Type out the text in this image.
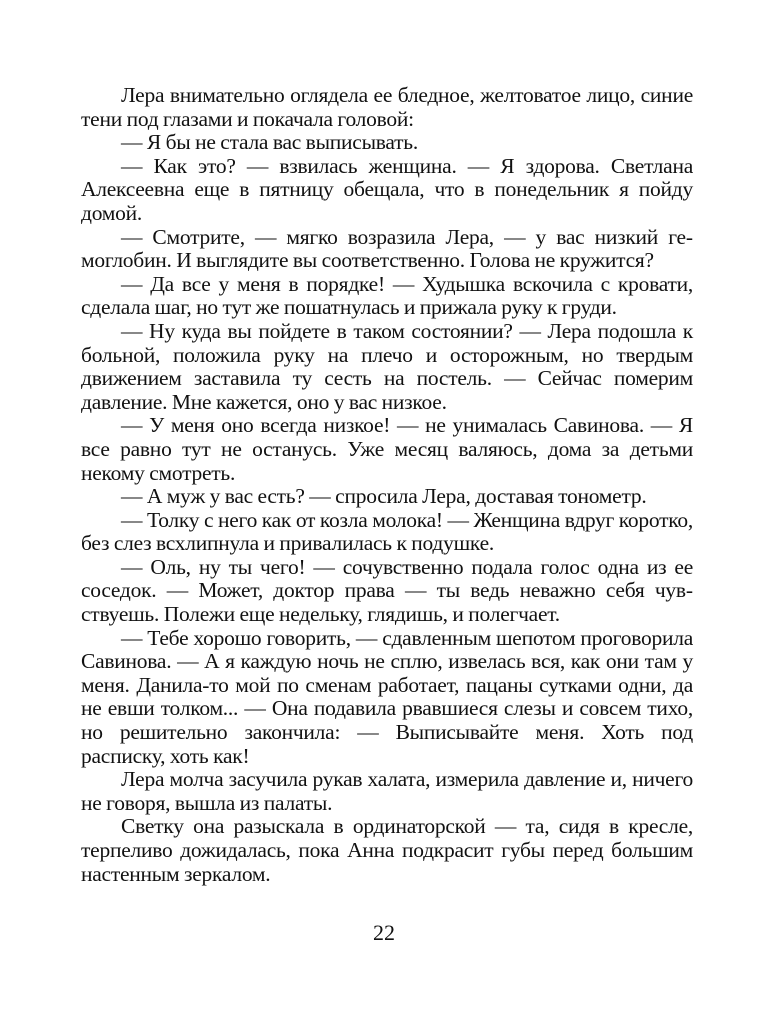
Лера внимательно оглядела ее бледное, желтоватое лицо, синие тени под глазами и покачала головой:

— Я бы не стала вас выписывать.

— Как это? — взвилась женщина. — Я здорова. Светлана Алексеевна еще в пятницу обещала, что в понедельник я пойду домой.

— Смотрите, — мягко возразила Лера, — у вас низкий гемоглобин. И выглядите вы соответственно. Голова не кружится?

— Да все у меня в порядке! — Худышка вскочила с кровати, сделала шаг, но тут же пошатнулась и прижала руку к груди.

— Ну куда вы пойдете в таком состоянии? — Лера подошла к больной, положила руку на плечо и осторожным, но твердым движением заставила ту сесть на постель. — Сейчас померим давление. Мне кажется, оно у вас низкое.

— У меня оно всегда низкое! — не унималась Савинова. — Я все равно тут не останусь. Уже месяц валяюсь, дома за детьми некому смотреть.

— А муж у вас есть? — спросила Лера, доставая тонометр.

— Толку с него как от козла молока! — Женщина вдруг коротко, без слез всхлипнула и привалилась к подушке.

— Оль, ну ты чего! — сочувственно подала голос одна из ее соседок. — Может, доктор права — ты ведь неважно себя чувствуешь. Полежи еще недельку, глядишь, и полегчает.

— Тебе хорошо говорить, — сдавленным шепотом проговорила Савинова. — А я каждую ночь не сплю, извелась вся, как они там у меня. Данила-то мой по сменам работает, пацаны сутками одни, да не евши толком... — Она подавила рвавшиеся слезы и совсем тихо, но решительно закончила: — Выписывайте меня. Хоть под расписку, хоть как!

Лера молча засучила рукав халата, измерила давление и, ничего не говоря, вышла из палаты.

Светку она разыскала в ординаторской — та, сидя в кресле, терпеливо дожидалась, пока Анна подкрасит губы перед большим настенным зеркалом.

22
